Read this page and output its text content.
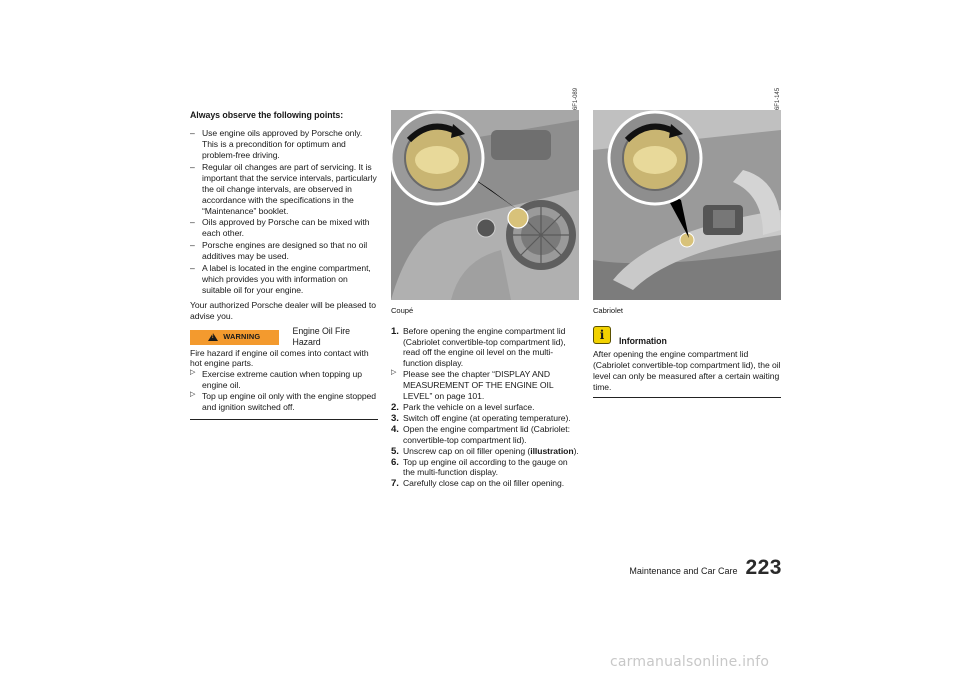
Always observe the following points:
– Use engine oils approved by Porsche only. This is a precondition for optimum and problem-free driving.
– Regular oil changes are part of servicing. It is important that the service intervals, particularly the oil change intervals, are observed in accordance with the specifications in the “Maintenance” booklet.
– Oils approved by Porsche can be mixed with each other.
– Porsche engines are designed so that no oil additives may be used.
– A label is located in the engine compartment, which provides you with information on suitable oil for your engine.

Your authorized Porsche dealer will be pleased to advise you.

!
WARNING
Engine Oil Fire Hazard

Fire hazard if engine oil comes into contact with hot engine parts.

▷ Exercise extreme caution when topping up engine oil.
▷ Top up engine oil only with the engine stopped and ignition switched off.
6F1-089
Coupé
1. Before opening the engine compartment lid (Cabriolet convertible-top compartment lid), read off the engine oil level on the multi-function display.
▷ Please see the chapter “DISPLAY AND MEASUREMENT OF THE ENGINE OIL LEVEL” on page 101.
2. Park the vehicle on a level surface.
3. Switch off engine (at operating temperature).
4. Open the engine compartment lid (Cabriolet: convertible-top compartment lid).
5. Unscrew cap on oil filler opening (illustration).
6. Top up engine oil according to the gauge on the multi-function display.
7. Carefully close cap on the oil filler opening.
6F1-145
Cabriolet
i	Information

After opening the engine compartment lid (Cabriolet convertible-top compartment lid), the oil level can only be measured after a certain waiting time.

Maintenance and Car Care 223
carmanualsonline.info
